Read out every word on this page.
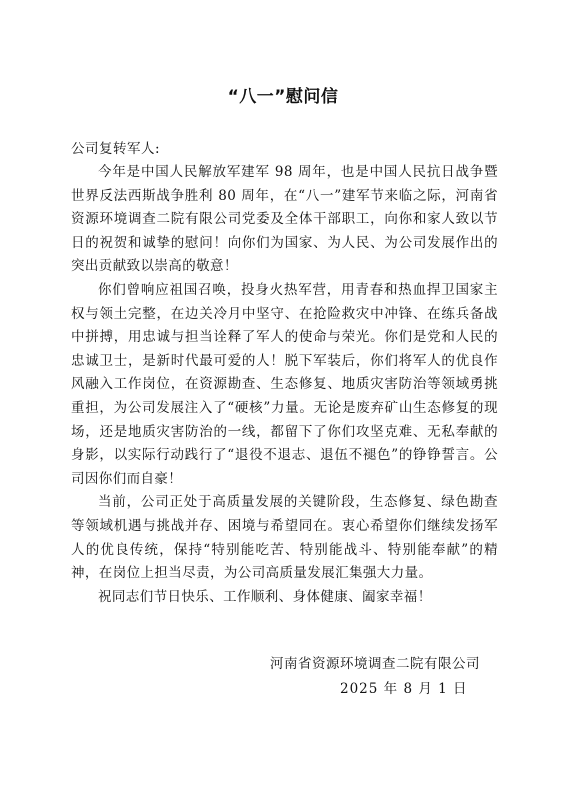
“八一”慰问信
公司复转军人:

今年是中国人民解放军建军 98 周年，也是中国人民抗日战争暨世界反法西斯战争胜利 80 周年，在“八一”建军节来临之际，河南省资源环境调查二院有限公司党委及全体干部职工，向你和家人致以节日的祝贺和诚挚的慰问！向你们为国家、为人民、为公司发展作出的突出贡献致以崇高的敬意！

你们曾响应祖国召唤，投身火热军营，用青春和热血捍卫国家主权与领土完整，在边关冷月中坚守、在抢险救灾中冲锋、在练兵备战中拼搏，用忠诚与担当诠释了军人的使命与荣光。你们是党和人民的忠诚卫士，是新时代最可爱的人！脱下军装后，你们将军人的优良作风融入工作岗位，在资源勘查、生态修复、地质灾害防治等领域勇挑重担，为公司发展注入了“硬核”力量。无论是废弃矿山生态修复的现场，还是地质灾害防治的一线，都留下了你们攻坚克难、无私奉献的身影，以实际行动践行了“退役不退志、退伍不褪色”的铮铮誓言。公司因你们而自豪！

当前，公司正处于高质量发展的关键阶段，生态修复、绿色勘查等领域机遇与挑战并存、困境与希望同在。衷心希望你们继续发扬军人的优良传统，保持“特别能吃苦、特别能战斗、特别能奉献”的精神，在岗位上担当尽责，为公司高质量发展汇集强大力量。

祝同志们节日快乐、工作顺利、身体健康、阖家幸福！

河南省资源环境调查二院有限公司
2025 年 8 月 1 日
